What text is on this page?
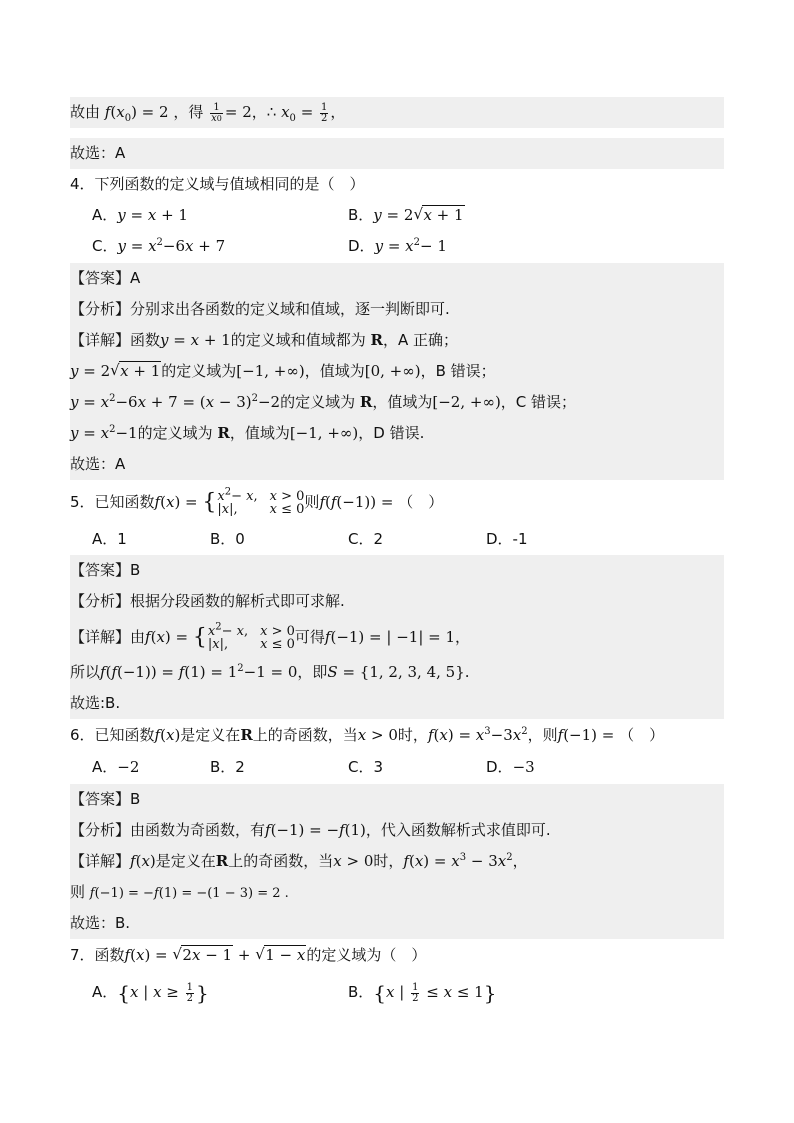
故由 $f(x_0) = 2$ ，得 $\frac{1}{x0} = 2$，∴ $x_0 = \frac{1}{2}$ ，
故选：A
4．下列函数的定义域与值域相同的是（　）
A．y = x + 1	B．y = 2 √ x + 1
C．$y = x^2-6x + 7$	D．$y = x^2- 1$
【答案】A
【分析】分别求出各函数的定义域和值域，逐一判断即可.
【详解】函数y = x + 1的定义域和值域都为 R，A 正确；
y = 2 √ x + 1的定义域为[−1, +∞)，值域为[0, +∞)，B 错误；
$y = x^2-6x + 7 = (x - 3)^2-2$的定义域为 R，值域为[−2, +∞)，C 错误；
$y = x^2-1$的定义域为 R，值域为[−1, +∞)，D 错误.
故选：A
5．已知函数f(x) = { $x^2- x$, x > 0
|x|,	x ≤ 0 则f(f(−1)) = （　）
A．1	B．0	C．2	D．-1
【答案】B
【分析】根据分段函数的解析式即可求解.
【详解】由f(x) = { $x^2- x$, x > 0
|x|,	x ≤ 0 可得f(−1) = | −1| = 1，
所以$f(f(-1)) = f(1) = 1^2-1 = 0$，即S = {1, 2, 3, 4, 5}.
故选:B.
6．已知函数f(x)是定义在R上的奇函数，当x > 0时，$f(x) = x^3-3x^2$，则f(−1) = （　）
A．−2	B．2	C．3	D．−3
【答案】B
【分析】由函数为奇函数，有f(−1) = −f(1)，代入函数解析式求值即可.
【详解】f(x)是定义在R上的奇函数，当x > 0时，$f(x) = x^3 - 3x^2$，
则 f(−1) = −f(1) = −(1 − 3) = 2 .
故选：B.
7．函数f(x) = √ 2x − 1 + √ 1 − x的定义域为（　）
A．{x | $x \ge \frac{1}{2}$ }	B．{x | $\frac{1}{2} \le x \le 1$}
